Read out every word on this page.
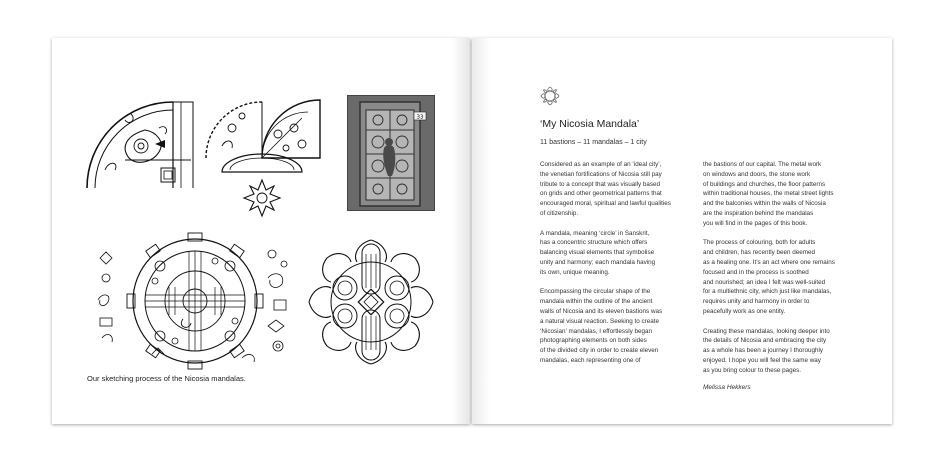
33
Our sketching process of the Nicosia mandalas.
‘My Nicosia Mandala’
11 bastions – 11 mandalas – 1 city
Considered as an example of an ‘ideal city’,
the venetian fortifications of Nicosia still pay
tribute to a concept that was visually based
on grids and other geometrical patterns that
encouraged moral, spiritual and lawful qualities
of citizenship.
A mandala, meaning ‘circle’ in Sanskrit,
has a concentric structure which offers
balancing visual elements that symbolise
unity and harmony; each mandala having
its own, unique meaning.
Encompassing the circular shape of the
mandala within the outline of the ancient
walls of Nicosia and its eleven bastions was
a natural visual reaction. Seeking to create
‘Nicosian’ mandalas, I effortlessly began
photographing elements on both sides
of the divided city in order to create eleven
mandalas, each representing one of
the bastions of our capital. The metal work
on windows and doors, the stone work
of buildings and churches, the floor patterns
within traditional houses, the metal street lights
and the balconies within the walls of Nicosia
are the inspiration behind the mandalas
you will find in the pages of this book.
The process of colouring, both for adults
and children, has recently been deemed
as a healing one. It’s an act where one remains
focused and in the process is soothed
and nourished; an idea I felt was well-suited
for a multiethnic city, which just like mandalas,
requires unity and harmony in order to
peacefully work as one entity.
Creating these mandalas, looking deeper into
the details of Nicosia and embracing the city
as a whole has been a journey I thoroughly
enjoyed. I hope you will feel the same way
as you bring colour to these pages.
Melissa Hekkers
